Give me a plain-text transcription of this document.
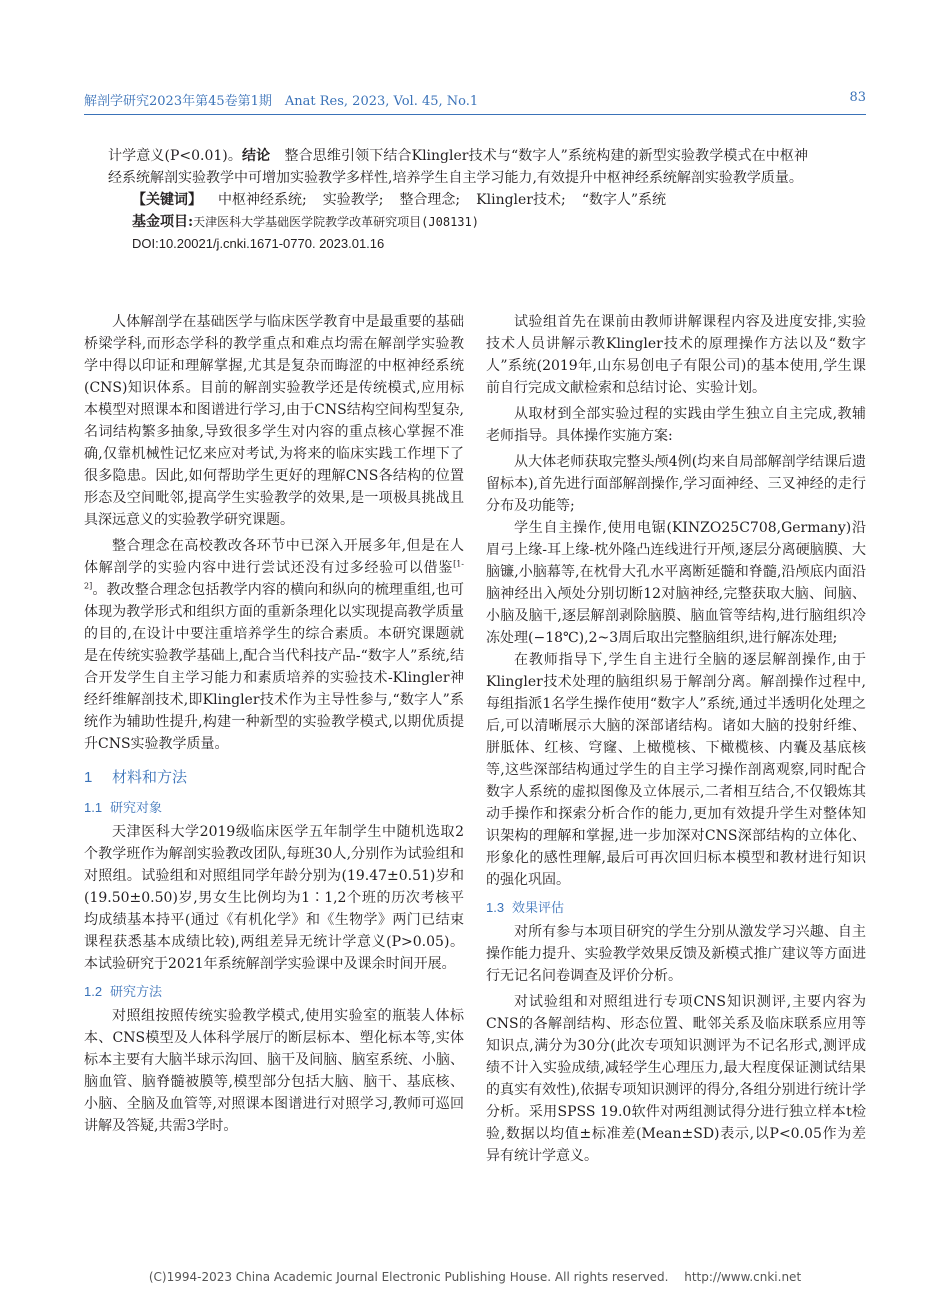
解剖学研究2023年第45卷第1期　Anat Res, 2023, Vol. 45, No.1	83

计学意义(P<0.01)。结论　 整合思维引领下结合Klingler技术与“数字人”系统构建的新型实验教学模式在中枢神经系统解剖实验教学中可增加实验教学多样性,培养学生自主学习能力,有效提升中枢神经系统解剖实验教学质量。

【关键词】 中枢神经系统; 实验教学; 整合理念; Klingler技术; “数字人”系统

基金项目:天津医科大学基础医学院教学改革研究项目(J08131)

DOI:10.20021/j.cnki.1671-0770. 2023.01.16

人体解剖学在基础医学与临床医学教育中是最重要的基础桥梁学科,而形态学科的教学重点和难点均需在解剖学实验教学中得以印证和理解掌握,尤其是复杂而晦涩的中枢神经系统(CNS)知识体系。目前的解剖实验教学还是传统模式,应用标本模型对照课本和图谱进行学习,由于CNS结构空间构型复杂,名词结构繁多抽象,导致很多学生对内容的重点核心掌握不准确,仅靠机械性记忆来应对考试,为将来的临床实践工作埋下了很多隐患。因此,如何帮助学生更好的理解CNS各结构的位置形态及空间毗邻,提高学生实验教学的效果,是一项极具挑战且具深远意义的实验教学研究课题。

整合理念在高校教改各环节中已深入开展多年,但是在人体解剖学的实验内容中进行尝试还没有过多经验可以借鉴[1-2]。教改整合理念包括教学内容的横向和纵向的梳理重组,也可体现为教学形式和组织方面的重新条理化以实现提高教学质量的目的,在设计中要注重培养学生的综合素质。本研究课题就是在传统实验教学基础上,配合当代科技产品-“数字人”系统,结合开发学生自主学习能力和素质培养的实验技术-Klingler神经纤维解剖技术,即Klingler技术作为主导性参与,“数字人”系统作为辅助性提升,构建一种新型的实验教学模式,以期优质提升CNS实验教学质量。

1 材料和方法
1.1 研究对象

天津医科大学2019级临床医学五年制学生中随机选取2个教学班作为解剖实验教改团队,每班30人,分别作为试验组和对照组。试验组和对照组同学年龄分别为(19.47±0.51)岁和(19.50±0.50)岁,男女生比例均为1∶1,2个班的历次考核平均成绩基本持平(通过《有机化学》和《生物学》两门已结束课程获悉基本成绩比较),两组差异无统计学意义(P>0.05)。本试验研究于2021年系统解剖学实验课中及课余时间开展。

1.2 研究方法

对照组按照传统实验教学模式,使用实验室的瓶装人体标本、CNS模型及人体科学展厅的断层标本、塑化标本等,实体标本主要有大脑半球示沟回、脑干及间脑、脑室系统、小脑、脑血管、脑脊髓被膜等,模型部分包括大脑、脑干、基底核、小脑、全脑及血管等,对照课本图谱进行对照学习,教师可巡回讲解及答疑,共需3学时。

试验组首先在课前由教师讲解课程内容及进度安排,实验技术人员讲解示教Klingler技术的原理操作方法以及“数字人”系统(2019年,山东易创电子有限公司)的基本使用,学生课前自行完成文献检索和总结讨论、实验计划。

从取材到全部实验过程的实践由学生独立自主完成,教辅老师指导。具体操作实施方案:

从大体老师获取完整头颅4例(均来自局部解剖学结课后遗留标本),首先进行面部解剖操作,学习面神经、三叉神经的走行分布及功能等;

学生自主操作,使用电锯(KINZO25C708,Germany)沿眉弓上缘-耳上缘-枕外隆凸连线进行开颅,逐层分离硬脑膜、大脑镰,小脑幕等,在枕骨大孔水平离断延髓和脊髓,沿颅底内面沿脑神经出入颅处分别切断12对脑神经,完整获取大脑、间脑、小脑及脑干,逐层解剖剥除脑膜、脑血管等结构,进行脑组织冷冻处理(−18℃),2~3周后取出完整脑组织,进行解冻处理;

在教师指导下,学生自主进行全脑的逐层解剖操作,由于Klingler技术处理的脑组织易于解剖分离。解剖操作过程中,每组指派1名学生操作使用“数字人”系统,通过半透明化处理之后,可以清晰展示大脑的深部诸结构。诸如大脑的投射纤维、胼胝体、红核、穹窿、上橄榄核、下橄榄核、内囊及基底核等,这些深部结构通过学生的自主学习操作剖离观察,同时配合数字人系统的虚拟图像及立体展示,二者相互结合,不仅锻炼其动手操作和探索分析合作的能力,更加有效提升学生对整体知识架构的理解和掌握,进一步加深对CNS深部结构的立体化、形象化的感性理解,最后可再次回归标本模型和教材进行知识的强化巩固。

1.3 效果评估

对所有参与本项目研究的学生分别从激发学习兴趣、自主操作能力提升、实验教学效果反馈及新模式推广建议等方面进行无记名问卷调查及评价分析。

对试验组和对照组进行专项CNS知识测评,主要内容为CNS的各解剖结构、形态位置、毗邻关系及临床联系应用等知识点,满分为30分(此次专项知识测评为不记名形式,测评成绩不计入实验成绩,减轻学生心理压力,最大程度保证测试结果的真实有效性),依据专项知识测评的得分,各组分别进行统计学分析。采用SPSS 19.0软件对两组测试得分进行独立样本t检验,数据以均值±标准差(Mean±SD)表示,以P<0.05作为差异有统计学意义。

(C)1994-2023 China Academic Journal Electronic Publishing House. All rights reserved.　 http://www.cnki.net
